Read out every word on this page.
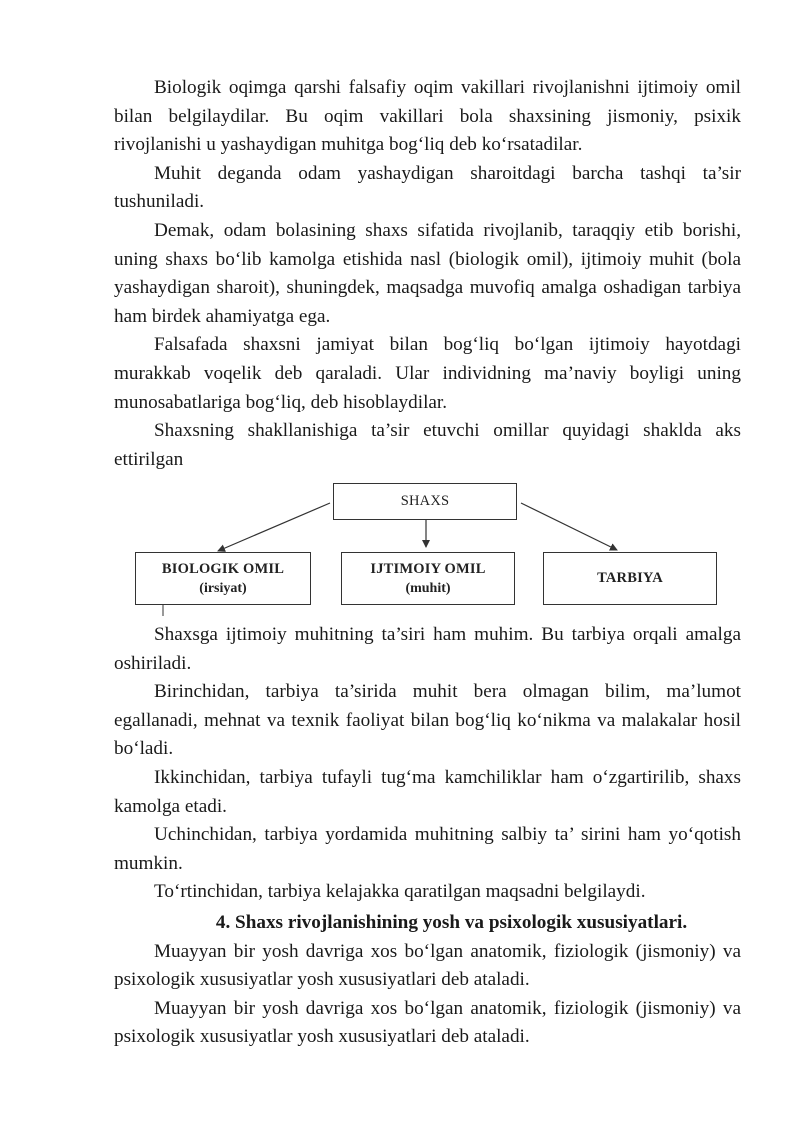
Biologik oqimga qarshi falsafiy oqim vakillari rivojlanishni ijtimoiy omil bilan belgilaydilar. Bu oqim vakillari bola shaxsining jismoniy, psixik rivojlanishi u yashaydigan muhitga bog‘liq deb ko‘rsatadilar.

Muhit deganda odam yashaydigan sharoitdagi barcha tashqi ta’sir tushuniladi.

Demak, odam bolasining shaxs sifatida rivojlanib, taraqqiy etib borishi, uning shaxs bo‘lib kamolga etishida nasl (biologik omil), ijtimoiy muhit (bola yashaydigan sharoit), shuningdek, maqsadga muvofiq amalga oshadigan tarbiya ham birdek ahamiyatga ega.

Falsafada shaxsni jamiyat bilan bog‘liq bo‘lgan ijtimoiy hayotdagi murakkab voqelik deb qaraladi. Ular individning ma’naviy boyligi uning munosabatlariga bog‘liq, deb hisoblaydilar.

Shaxsning shakllanishiga ta’sir etuvchi omillar quyidagi shaklda aks ettirilgan

SHAXS
BIOLOGIK OMIL
(irsiyat)
IJTIMOIY OMIL
(muhit)
TARBIYA

Shaxsga ijtimoiy muhitning ta’siri ham muhim. Bu tarbiya orqali amalga oshiriladi.

Birinchidan, tarbiya ta’sirida muhit bera olmagan bilim, ma’lumot egallanadi, mehnat va texnik faoliyat bilan bog‘liq ko‘nikma va malakalar hosil bo‘ladi.

Ikkinchidan, tarbiya tufayli tug‘ma kamchiliklar ham o‘zgartirilib, shaxs kamolga etadi.

Uchinchidan, tarbiya yordamida muhitning salbiy ta’ sirini ham yo‘qotish mumkin.

To‘rtinchidan, tarbiya kelajakka qaratilgan maqsadni belgilaydi.

4. Shaxs rivojlanishining yosh va psixologik xususiyatlari.

Muayyan bir yosh davriga xos bo‘lgan anatomik, fiziologik (jismoniy) va psixologik xususiyatlar yosh xususiyatlari deb ataladi.

Muayyan bir yosh davriga xos bo‘lgan anatomik, fiziologik (jismoniy) va psixologik xususiyatlar yosh xususiyatlari deb ataladi.
